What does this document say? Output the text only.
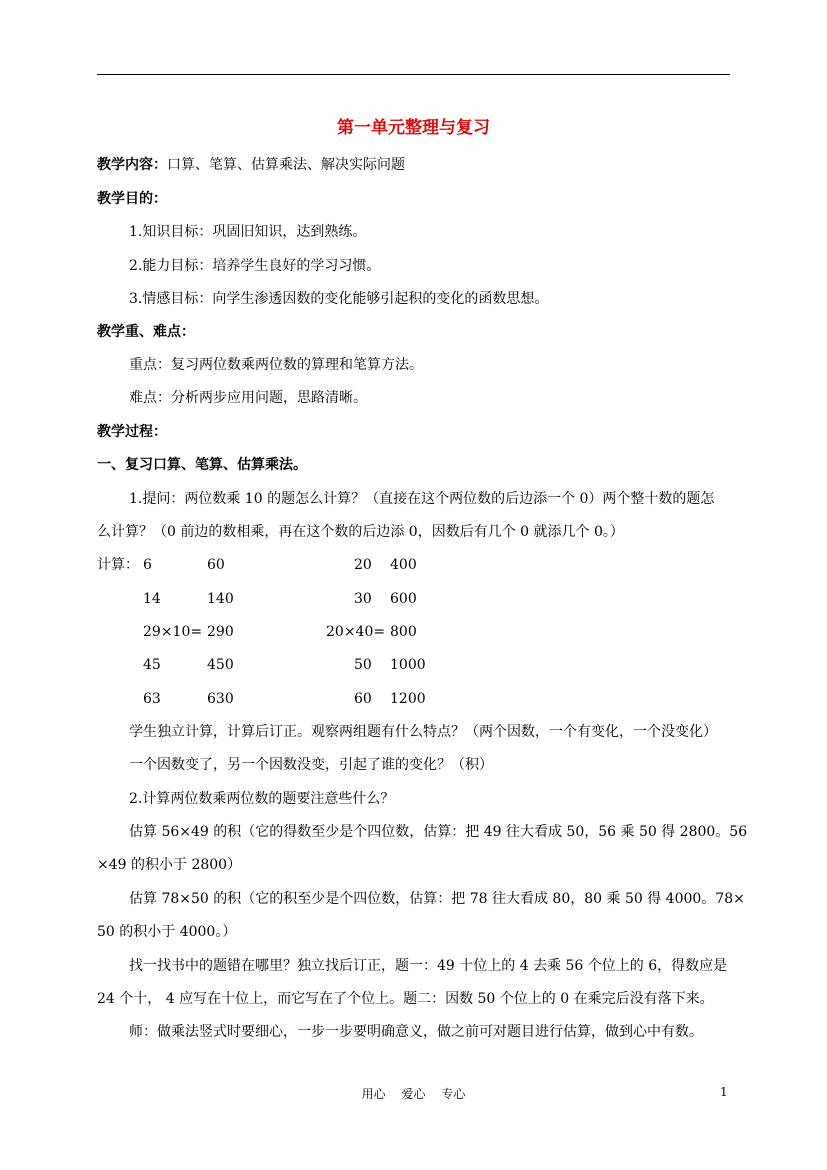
第一单元整理与复习
教学内容：口算、笔算、估算乘法、解决实际问题
教学目的：
1.知识目标：巩固旧知识，达到熟练。
2.能力目标：培养学生良好的学习习惯。
3.情感目标：向学生渗透因数的变化能够引起积的变化的函数思想。
教学重、难点：
重点：复习两位数乘两位数的算理和笔算方法。
难点：分析两步应用问题，思路清晰。
教学过程：
一、复习口算、笔算、估算乘法。
1.提问：两位数乘 10 的题怎么计算？（直接在这个两位数的后边添一个 0）两个整十数的题怎
么计算？（0 前边的数相乘，再在这个数的后边添 0，因数后有几个 0 就添几个 0。）
计算： 6	60	20 400
14	140	30 600
29×10= 290	20×40= 800
45	450	50 1000
63	630	60 1200
学生独立计算，计算后订正。观察两组题有什么特点？（两个因数，一个有变化，一个没变化）
一个因数变了，另一个因数没变，引起了谁的变化？（积）
2.计算两位数乘两位数的题要注意些什么？
估算 56×49 的积（它的得数至少是个四位数，估算：把 49 往大看成 50，56 乘 50 得 2800。56
×49 的积小于 2800）
估算 78×50 的积（它的积至少是个四位数，估算：把 78 往大看成 80，80 乘 50 得 4000。78×
50 的积小于 4000。）
找一找书中的题错在哪里？独立找后订正，题一：49 十位上的 4 去乘 56 个位上的 6，得数应是
24 个十， 4 应写在十位上，而它写在了个位上。题二：因数 50 个位上的 0 在乘完后没有落下来。
师：做乘法竖式时要细心，一步一步要明确意义，做之前可对题目进行估算，做到心中有数。
用心 爱心 专心	1
